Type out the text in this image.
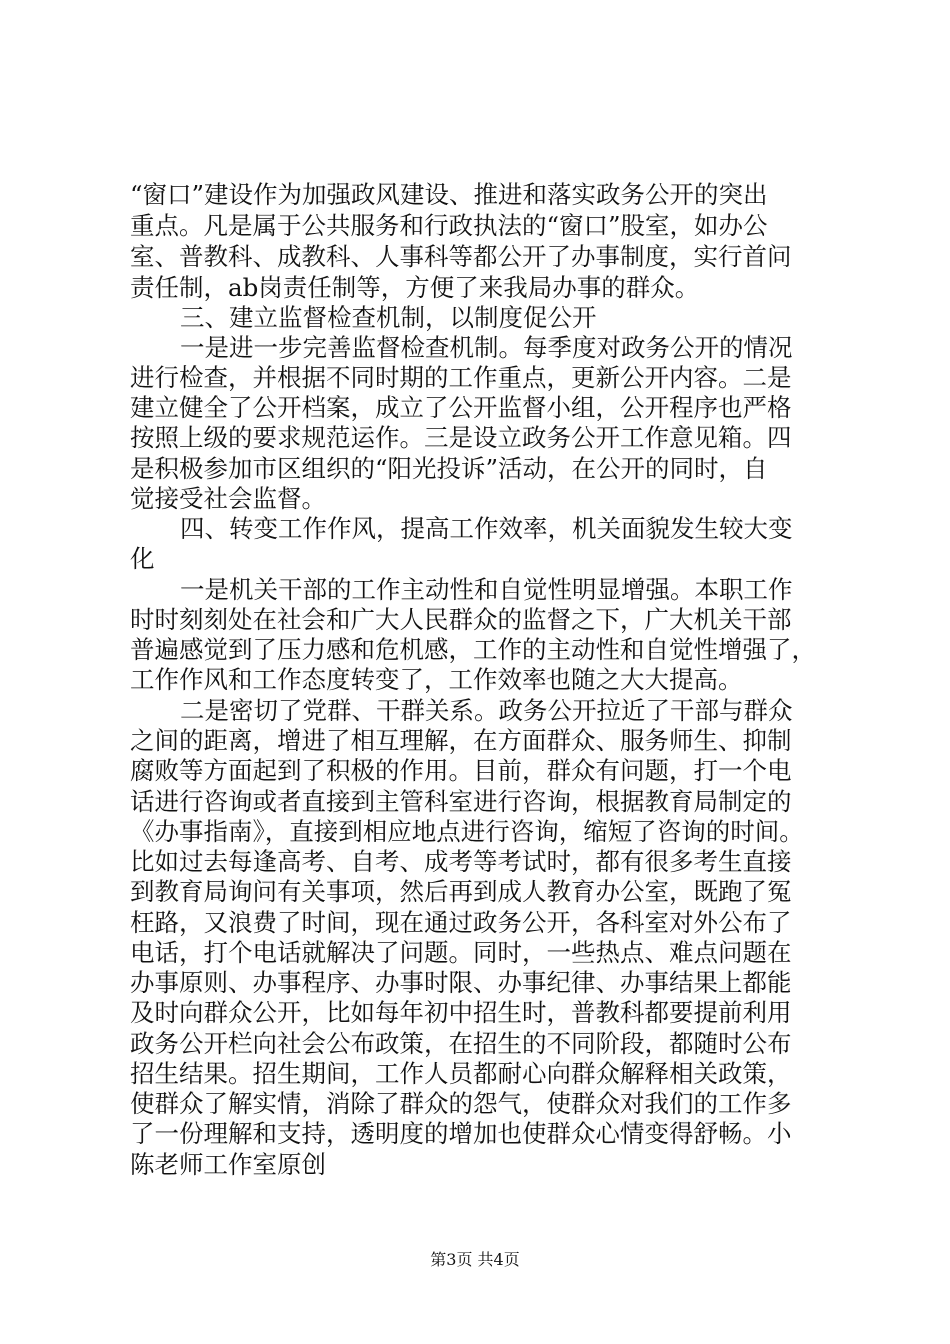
“窗口”建设作为加强政风建设、推进和落实政务公开的突出
重点。凡是属于公共服务和行政执法的“窗口”股室，如办公
室、普教科、成教科、人事科等都公开了办事制度，实行首问
责任制，ab岗责任制等，方便了来我局办事的群众。
三、建立监督检查机制，以制度促公开
一是进一步完善监督检查机制。每季度对政务公开的情况
进行检查，并根据不同时期的工作重点，更新公开内容。二是
建立健全了公开档案，成立了公开监督小组，公开程序也严格
按照上级的要求规范运作。三是设立政务公开工作意见箱。四
是积极参加市区组织的“阳光投诉”活动，在公开的同时，自
觉接受社会监督。
四、转变工作作风，提高工作效率，机关面貌发生较大变
化
一是机关干部的工作主动性和自觉性明显增强。本职工作
时时刻刻处在社会和广大人民群众的监督之下，广大机关干部
普遍感觉到了压力感和危机感，工作的主动性和自觉性增强了，
工作作风和工作态度转变了，工作效率也随之大大提高。
二是密切了党群、干群关系。政务公开拉近了干部与群众
之间的距离，增进了相互理解，在方面群众、服务师生、抑制
腐败等方面起到了积极的作用。目前，群众有问题，打一个电
话进行咨询或者直接到主管科室进行咨询，根据教育局制定的
《办事指南》，直接到相应地点进行咨询，缩短了咨询的时间。
比如过去每逢高考、自考、成考等考试时，都有很多考生直接
到教育局询问有关事项，然后再到成人教育办公室，既跑了冤
枉路，又浪费了时间，现在通过政务公开，各科室对外公布了
电话，打个电话就解决了问题。同时，一些热点、难点问题在
办事原则、办事程序、办事时限、办事纪律、办事结果上都能
及时向群众公开，比如每年初中招生时，普教科都要提前利用
政务公开栏向社会公布政策，在招生的不同阶段，都随时公布
招生结果。招生期间，工作人员都耐心向群众解释相关政策，
使群众了解实情，消除了群众的怨气，使群众对我们的工作多
了一份理解和支持，透明度的增加也使群众心情变得舒畅。小
陈老师工作室原创
第3页 共4页
